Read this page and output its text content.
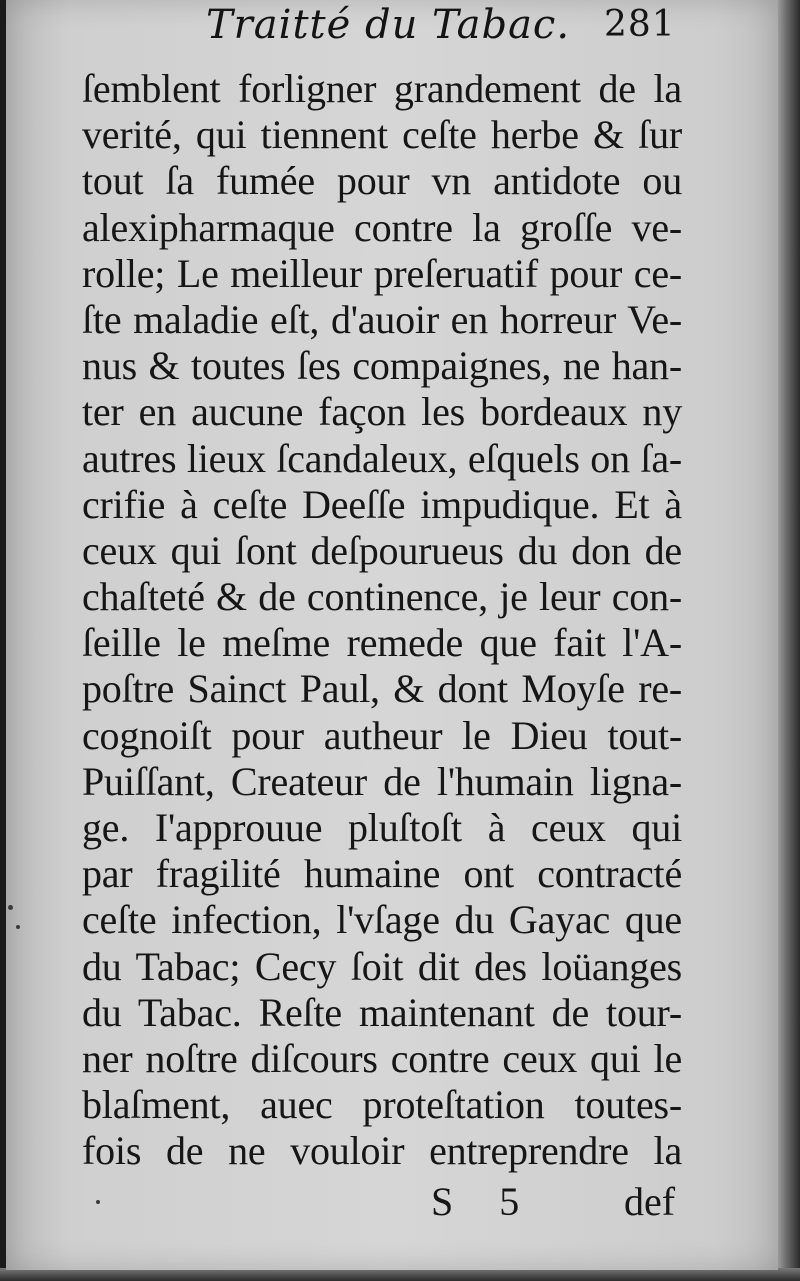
Traitté du Tabac. 281
ſemblent forligner grandement de la
verité, qui tiennent ceſte herbe & ſur
tout ſa fumée pour vn antidote ou
alexipharmaque contre la groſſe ve-
rolle; Le meilleur preſeruatif pour ce-
ſte maladie eſt, d'auoir en horreur Ve-
nus & toutes ſes compaignes, ne han-
ter en aucune façon les bordeaux ny
autres lieux ſcandaleux, eſquels on ſa-
crifie à ceſte Deeſſe impudique. Et à
ceux qui ſont deſpourueus du don de
chaſteté & de continence, je leur con-
ſeille le meſme remede que fait l'A-
poſtre Sainct Paul, & dont Moyſe re-
cognoiſt pour autheur le Dieu tout-
Puiſſant, Createur de l'humain ligna-
ge. I'approuue pluſtoſt à ceux qui
par fragilité humaine ont contracté
ceſte infection, l'vſage du Gayac que
du Tabac; Cecy ſoit dit des loüanges
du Tabac. Reſte maintenant de tour-
ner noſtre diſcours contre ceux qui le
blaſment, auec proteſtation toutes-
fois de ne vouloir entreprendre la
S 5 def
